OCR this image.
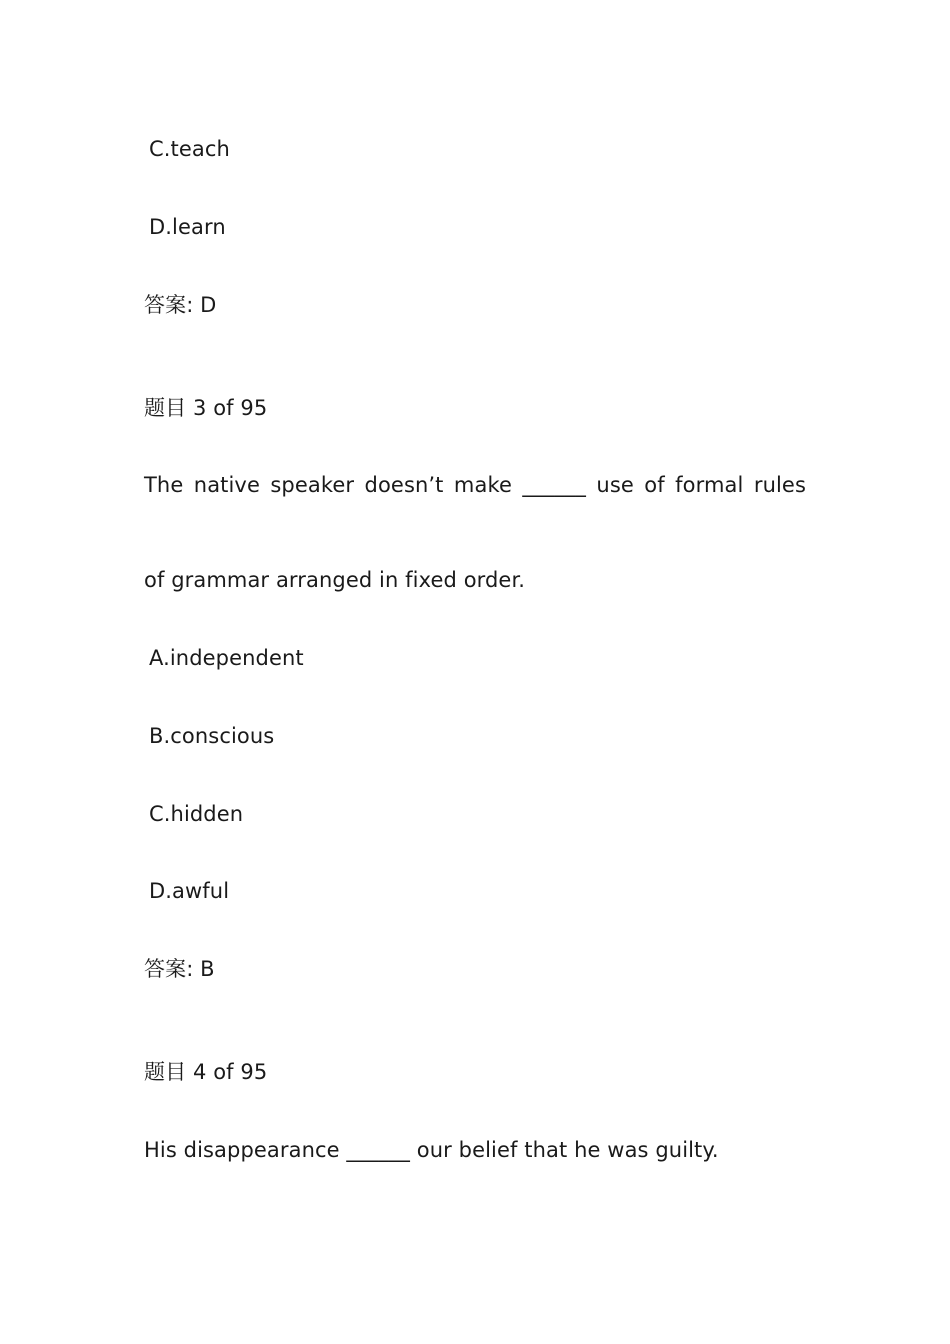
C.teach
D.learn
答案: D
题目 3 of 95
The native speaker doesn’t make ______ use of formal rules
of grammar arranged in fixed order.
A.independent
B.conscious
C.hidden
D.awful
答案: B
题目 4 of 95
His disappearance ______ our belief that he was guilty.
